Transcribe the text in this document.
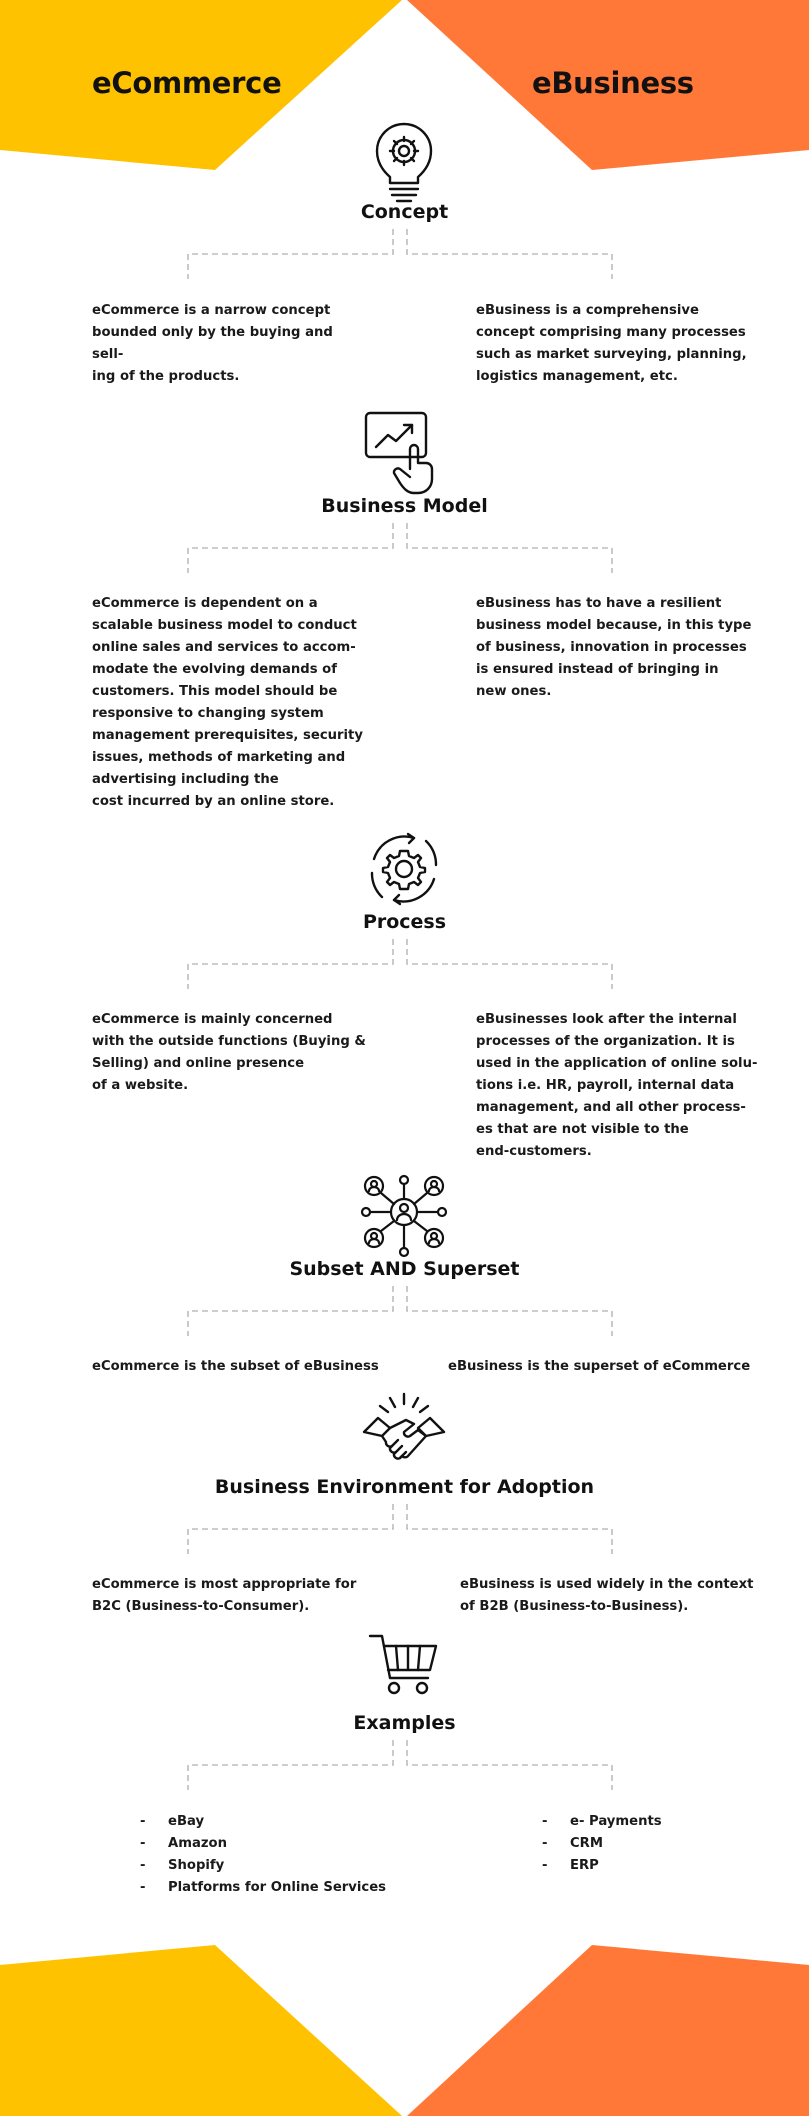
eCommerce	eBusiness
Concept

eCommerce is a narrow concept
bounded only by the buying and sell-
ing of the products.

eBusiness is a comprehensive
concept comprising many processes
such as market surveying, planning,
logistics management, etc.

Business Model

eCommerce is dependent on a
scalable business model to conduct
online sales and services to accom-
modate the evolving demands of
customers. This model should be
responsive to changing system
management prerequisites, security
issues, methods of marketing and
advertising including the
cost incurred by an online store.

eBusiness has to have a resilient
business model because, in this type
of business, innovation in processes
is ensured instead of bringing in
new ones.

Process

eCommerce is mainly concerned
with the outside functions (Buying &
Selling) and online presence
of a website.

eBusinesses look after the internal
processes of the organization. It is
used in the application of online solu-
tions i.e. HR, payroll, internal data
management, and all other process-
es that are not visible to the
end-customers.

Subset AND Superset

eCommerce is the subset of eBusiness	eBusiness is the superset of eCommerce

Business Environment for Adoption

eCommerce is most appropriate for
B2C (Business-to-Consumer).

eBusiness is used widely in the context
of B2B (Business-to-Business).

Examples
- eBay
- Amazon
- Shopify
- Platforms for Online Services
- e- Payments
- CRM
- ERP
